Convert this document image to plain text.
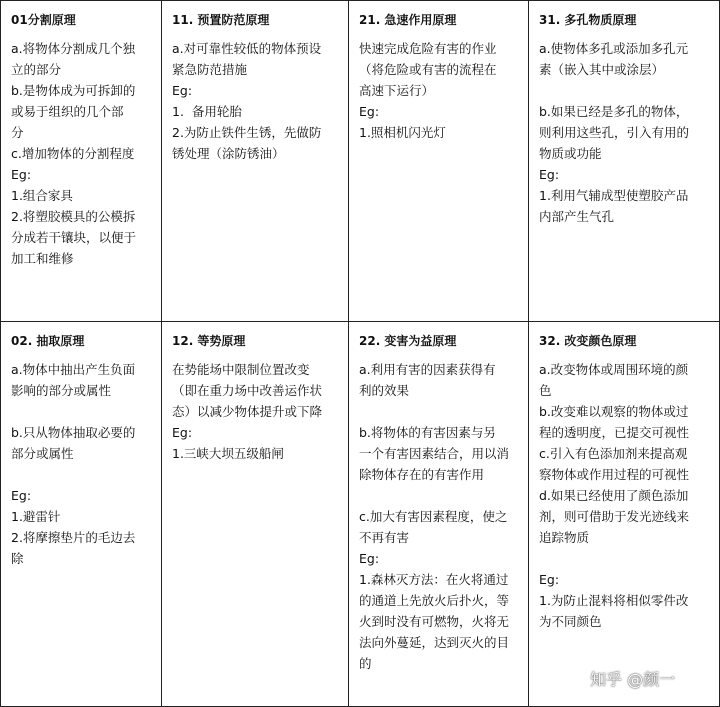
01分割原理
a.将物体分割成几个独
立的部分
b.是物体成为可拆卸的
或易于组织的几个部
分
c.增加物体的分割程度
Eg:
1.组合家具
2.将塑胶模具的公模拆
分成若干镶块，以便于
加工和维修
11. 预置防范原理
a.对可靠性较低的物体预设
紧急防范措施
Eg:
1.  备用轮胎
2.为防止铁件生锈，先做防
锈处理（涂防锈油）
21. 急速作用原理
快速完成危险有害的作业
（将危险或有害的流程在
高速下运行）
Eg:
1.照相机闪光灯
31. 多孔物质原理
a.使物体多孔或添加多孔元
素（嵌入其中或涂层）
b.如果已经是多孔的物体，
则利用这些孔，引入有用的
物质或功能
Eg:
1.利用气辅成型使塑胶产品
内部产生气孔
02. 抽取原理
a.物体中抽出产生负面
影响的部分或属性
b.只从物体抽取必要的
部分或属性
Eg:
1.避雷针
2.将摩擦垫片的毛边去
除
12. 等势原理
在势能场中限制位置改变
（即在重力场中改善运作状
态）以减少物体提升或下降
Eg:
1.三峡大坝五级船闸
22. 变害为益原理
a.利用有害的因素获得有
利的效果
b.将物体的有害因素与另
一个有害因素结合，用以消
除物体存在的有害作用
c.加大有害因素程度，使之
不再有害
Eg:
1.森林灭方法：在火将通过
的通道上先放火后扑火，等
火到时没有可燃物，火将无
法向外蔓延，达到灭火的目
的
32. 改变颜色原理
a.改变物体或周围环境的颜
色
b.改变难以观察的物体或过
程的透明度，已提交可视性
c.引入有色添加剂来提高观
察物体或作用过程的可视性
d.如果已经使用了颜色添加
剂，则可借助于发光迹线来
追踪物质
Eg:
1.为防止混料将相似零件改
为不同颜色
知乎 @颜一
